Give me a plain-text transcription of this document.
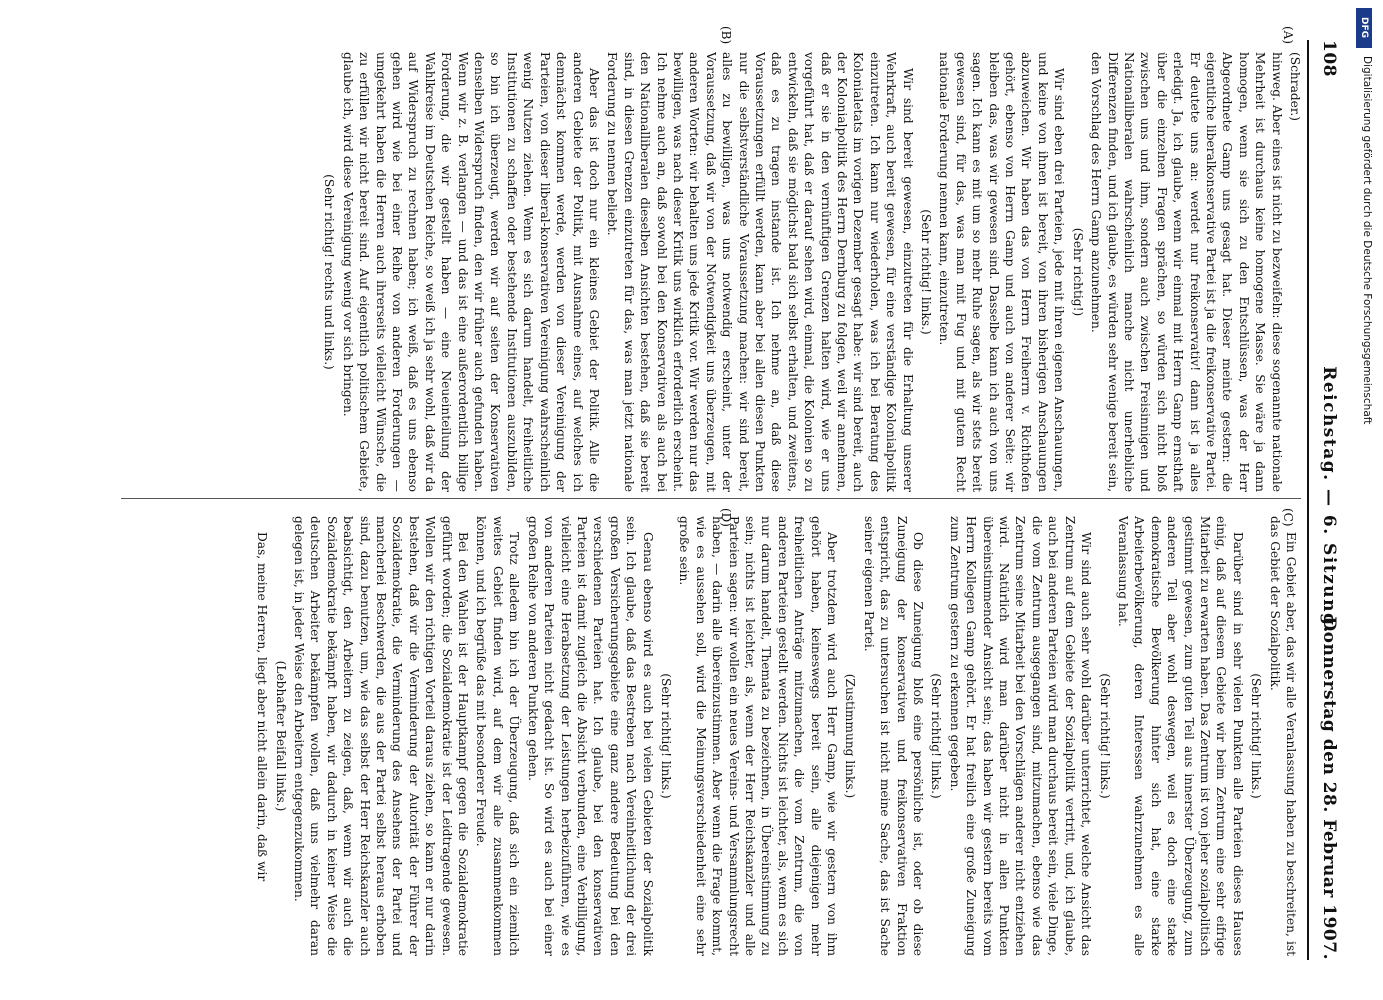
108
Reichstag. — 6. Sitzung.
Donnerstag den 28. Februar 1907.
(A)
(B)
(C)
(D)

(Schrader.)

hinweg. Aber eines ist nicht zu bezweifeln: diese sogenannte nationale Mehrheit ist durchaus keine homogene Masse. Sie wäre ja dann homogen, wenn sie sich zu den Entschlüssen, was der Herr Abgeordnete Gamp uns gesagt hat. Dieser meinte gestern: die eigentliche liberalkonservative Partei ist ja die freikonservative Partei. Er deutete uns an: werdet nur freikonservativ! dann ist ja alles erledigt. Ja, ich glaube, wenn wir einmal mit Herrn Gamp ernsthaft über die einzelnen Fragen sprächen, so würden sich nicht bloß zwischen uns und ihm, sondern auch zwischen Freisinnigen und Nationalliberalen wahrscheinlich manche nicht unerhebliche Differenzen finden, und ich glaube, es würden sehr wenige bereit sein, den Vorschlag des Herrn Gamp anzunehmen.

(Sehr richtig!)

Wir sind eben drei Parteien, jede mit ihren eigenen Anschauungen, und keine von ihnen ist bereit, von ihren bisherigen Anschauungen abzuweichen. Wir haben das von Herrn Freiherrn v. Richthofen gehört, ebenso von Herrn Gamp und auch von anderer Seite: wir bleiben das, was wir gewesen sind. Dasselbe kann ich auch von uns sagen. Ich kann es mit um so mehr Ruhe sagen, als wir stets bereit gewesen sind, für das, was man mit Fug und mit gutem Recht nationale Forderung nennen kann, einzutreten.

(Sehr richtig! links.)

Wir sind bereit gewesen, einzutreten für die Erhaltung unserer Wehrkraft, auch bereit gewesen, für eine verständige Kolonialpolitik einzutreten. Ich kann nur wiederholen, was ich bei Beratung des Kolonialetats im vorigen Dezember gesagt habe: wir sind bereit, auch der Kolonialpolitik des Herrn Dernburg zu folgen, weil wir annehmen, daß er sie in den vernünftigen Grenzen halten wird, wie er uns vorgeführt hat, daß er darauf sehen wird, einmal, die Kolonien so zu entwickeln, daß sie möglichst bald sich selbst erhalten, und zweitens, daß es zu tragen instande ist. Ich nehme an, daß diese Voraussetzungen erfüllt werden, kann aber bei allen diesen Punkten nur die selbstverständliche Voraussetzung machen: wir sind bereit, alles zu bewilligen, was uns notwendig erscheint, unter der Voraussetzung, daß wir von der Notwendigkeit uns überzeugen, mit anderen Worten: wir behalten uns jede Kritik vor. Wir werden nur das bewilligen, was nach dieser Kritik uns wirklich erforderlich erscheint. Ich nehme auch an, daß sowohl bei den Konservativen als auch bei den Nationalliberalen dieselben Ansichten bestehen, daß sie bereit sind, in diesen Grenzen einzutreten für das, was man jetzt nationale Forderung zu nennen beliebt.

Aber das ist doch nur ein kleines Gebiet der Politik. Alle die anderen Gebiete der Politik, mit Ausnahme eines, auf welches ich demnächst kommen werde, werden von dieser Vereinigung der Parteien, von dieser liberal-konservativen Vereinigung wahrscheinlich wenig Nutzen ziehen. Wenn es sich darum handelt, freiheitliche Institutionen zu schaffen oder bestehende Institutionen auszubilden, so bin ich überzeugt, werden wir auf seiten der Konservativen denselben Widerspruch finden, den wir früher auch gefunden haben. Wenn wir z. B. verlangen — und das ist eine außerordentlich billige Forderung, die wir gestellt haben — eine Neueinteilung der Wahlkreise im Deutschen Reiche, so weiß ich ja sehr wohl, daß wir da auf Widerspruch zu rechnen haben; ich weiß, daß es uns ebenso gehen wird wie bei einer Reihe von anderen Forderungen — umgekehrt haben die Herren auch ihrerseits vielleicht Wünsche, die zu erfüllen wir nicht bereit sind. Auf eigentlich politischem Gebiete, glaube ich, wird diese Vereinigung wenig vor sich bringen.

(Sehr richtig! rechts und links.)

Ein Gebiet aber, das wir alle Veranlassung haben zu beschreiten, ist das Gebiet der Sozialpolitik.

(Sehr richtig! links.)

Darüber sind in sehr vielen Punkten alle Parteien dieses Hauses einig, daß auf diesem Gebiete wir beim Zentrum eine sehr eifrige Mitarbeit zu erwarten haben. Das Zentrum ist von jeher sozialpolitisch gestimmt gewesen, zum guten Teil aus innerster Überzeugung, zum anderen Teil aber wohl deswegen, weil es doch eine starke demokratische Bevölkerung hinter sich hat, eine starke Arbeiterbevölkerung, deren Interessen wahrzunehmen es alle Veranlassung hat.

(Sehr richtig! links.)

Wir sind auch sehr wohl darüber unterrichtet, welche Ansicht das Zentrum auf dem Gebiete der Sozialpolitik vertritt, und, ich glaube, auch bei anderen Parteien wird man durchaus bereit sein, viele Dinge, die vom Zentrum ausgegangen sind, mitzumachen, ebenso wie das Zentrum seine Mitarbeit bei den Vorschlägen anderer nicht entziehen wird. Natürlich wird man darüber nicht in allen Punkten übereinstimmender Ansicht sein; das haben wir gestern bereits vom Herrn Kollegen Gamp gehört. Er hat freilich eine große Zuneigung zum Zentrum gestern zu erkennen gegeben.

(Sehr richtig! links.)

Ob diese Zuneigung bloß eine persönliche ist, oder ob diese Zuneigung der konservativen und freikonservativen Fraktion entspricht, das zu untersuchen ist nicht meine Sache, das ist Sache seiner eigenen Partei.

(Zustimmung links.)

Aber trotzdem wird auch Herr Gamp, wie wir gestern von ihm gehört haben, keineswegs bereit sein, alle diejenigen mehr freiheitlichen Anträge mitzumachen, die vom Zentrum, die von anderen Parteien gestellt werden. Nichts ist leichter, als, wenn es sich nur darum handelt, Themata zu bezeichnen, in Übereinstimmung zu sein; nichts ist leichter, als, wenn der Herr Reichskanzler und alle Parteien sagen: wir wollen ein neues Vereins- und Versammlungsrecht haben, — darin alle übereinzustimmen. Aber wenn die Frage kommt, wie es aussehen soll, wird die Meinungsverschiedenheit eine sehr große sein.

(Sehr richtig! links.)

Genau ebenso wird es auch bei vielen Gebieten der Sozialpolitik sein. Ich glaube, daß das Bestreben nach Vereinheitlichung der drei großen Versicherungsgebiete eine ganz andere Bedeutung bei den verschiedenen Parteien hat. Ich glaube, bei den konservativen Parteien ist damit zugleich die Absicht verbunden, eine Verbilligung, vielleicht eine Herabsetzung der Leistungen herbeizuführen, wie es von anderen Parteien nicht gedacht ist. So wird es auch bei einer großen Reihe von anderen Punkten gehen.

Trotz alledem bin ich der Überzeugung, daß sich ein ziemlich weites Gebiet finden wird, auf dem wir alle zusammenkommen können, und ich begrüße das mit besonderer Freude.

Bei den Wahlen ist der Hauptkampf gegen die Sozialdemokratie geführt worden; die Sozialdemokratie ist der Leidtragende gewesen. Wollen wir den richtigen Vorteil daraus ziehen, so kann er nur darin bestehen, daß wir die Verminderung der Autorität der Führer der Sozialdemokratie, die Verminderung des Ansehens der Partei und mancherlei Beschwerden, die aus der Partei selbst heraus erhoben sind, dazu benutzen, um, wie das selbst der Herr Reichskanzler auch beabsichtigt, den Arbeitern zu zeigen, daß, wenn wir auch die Sozialdemokratie bekämpft haben, wir dadurch in keiner Weise die deutschen Arbeiter bekämpfen wollen, daß uns vielmehr daran gelegen ist, in jeder Weise den Arbeitern entgegenzukommen.

(Lebhafter Beifall links.)

Das, meine Herren, liegt aber nicht allein darin, daß wir

DFG
Digitalisierung gefördert durch die Deutsche Forschungsgemeinschaft
